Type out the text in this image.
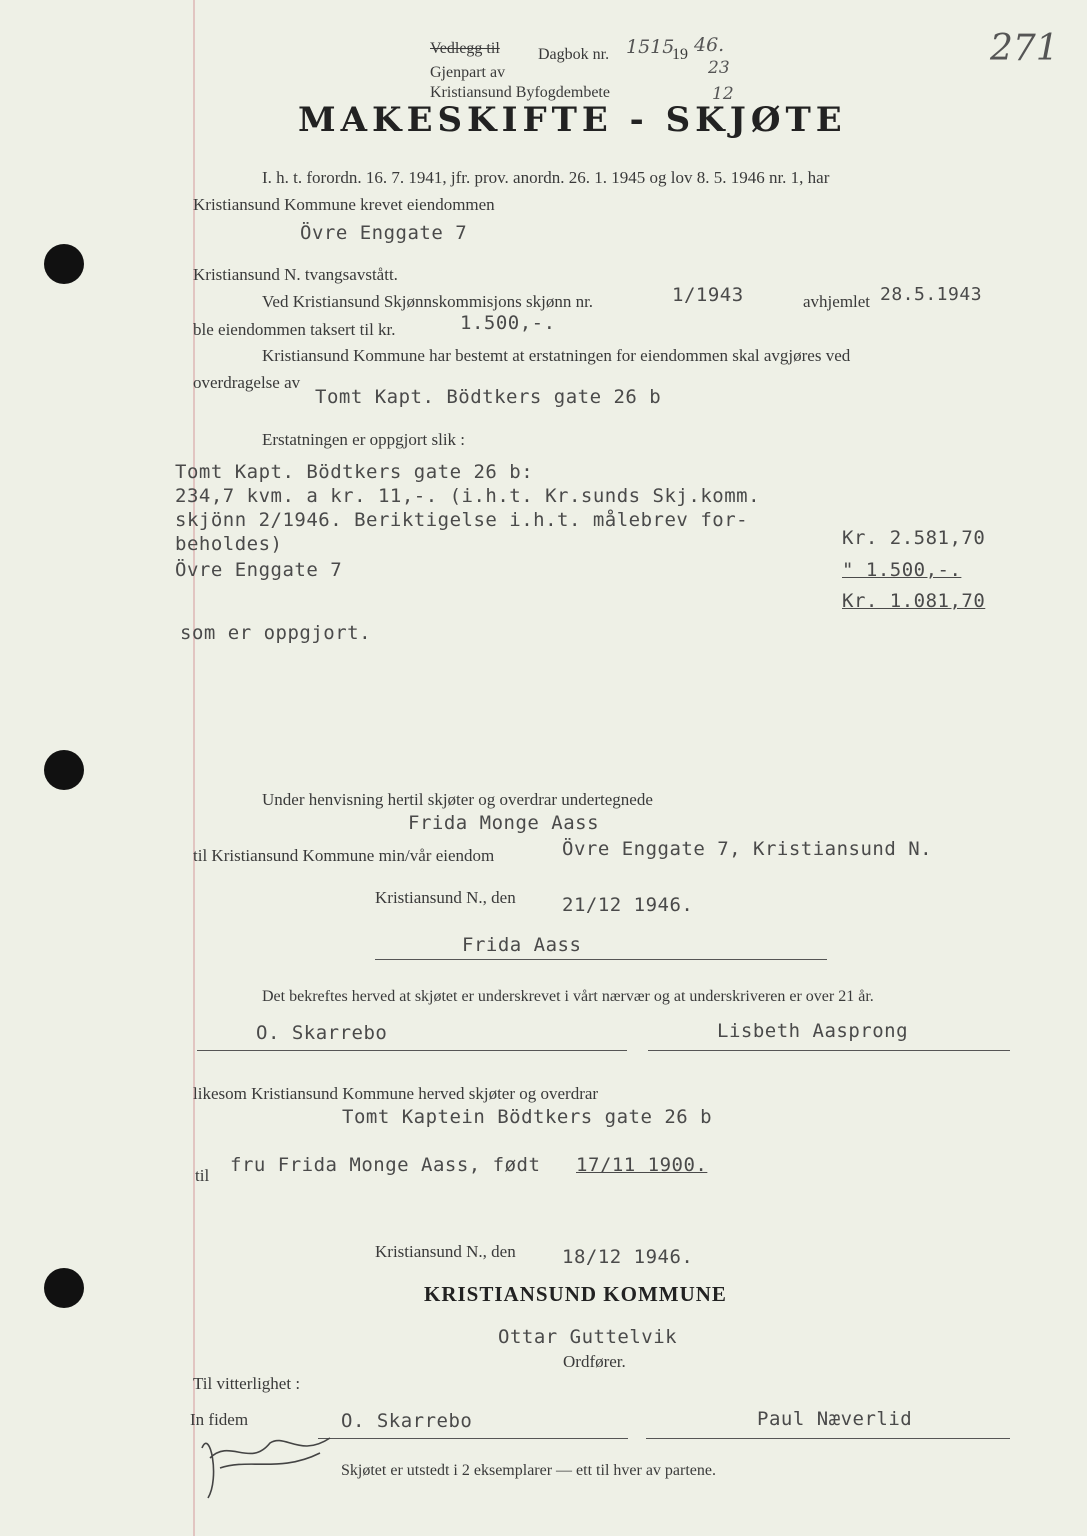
Vedlegg til Dagbok nr. 1515
19 46.
Gjenpart av	23
Kristiansund Byfogdembete	12
271
MAKESKIFTE - SKJØTE
I. h. t. forordn. 16. 7. 1941, jfr. prov. anordn. 26. 1. 1945 og lov 8. 5. 1946 nr. 1, har
Kristiansund Kommune krevet eiendommen
Övre Enggate 7
Kristiansund N. tvangsavstått.
Ved Kristiansund Skjønnskommisjons skjønn nr.	1/1943	avhjemlet 28.5.1943
ble eiendommen taksert til kr.	1.500,-.
Kristiansund Kommune har bestemt at erstatningen for eiendommen skal avgjøres ved
overdragelse av
Tomt Kapt. Bödtkers gate 26 b
Erstatningen er oppgjort slik :
Tomt Kapt. Bödtkers gate 26 b:
234,7 kvm. a kr. 11,-. (i.h.t. Kr.sunds Skj.komm.
skjönn 2/1946. Beriktigelse i.h.t. målebrev for-
beholdes)	Kr. 2.581,70
Övre Enggate 7	" 1.500,-.
Kr. 1.081,70
som er oppgjort.
Under henvisning hertil skjøter og overdrar undertegnede
Frida Monge Aass
til Kristiansund Kommune min/vår eiendom	Övre Enggate 7, Kristiansund N.
Kristiansund N., den 21/12 1946.
Frida Aass
Det bekreftes herved at skjøtet er underskrevet i vårt nærvær og at underskriveren er over 21 år.
O. Skarrebo	Lisbeth Aasprong
likesom Kristiansund Kommune herved skjøter og overdrar
Tomt Kaptein Bödtkers gate 26 b
til fru Frida Monge Aass, født 17/11 1900.
Kristiansund N., den 18/12 1946.
KRISTIANSUND KOMMUNE
Ottar Guttelvik
Ordfører.
Til vitterlighet :
In fidem	O. Skarrebo	Paul Næverlid
Skjøtet er utstedt i 2 eksemplarer — ett til hver av partene.
